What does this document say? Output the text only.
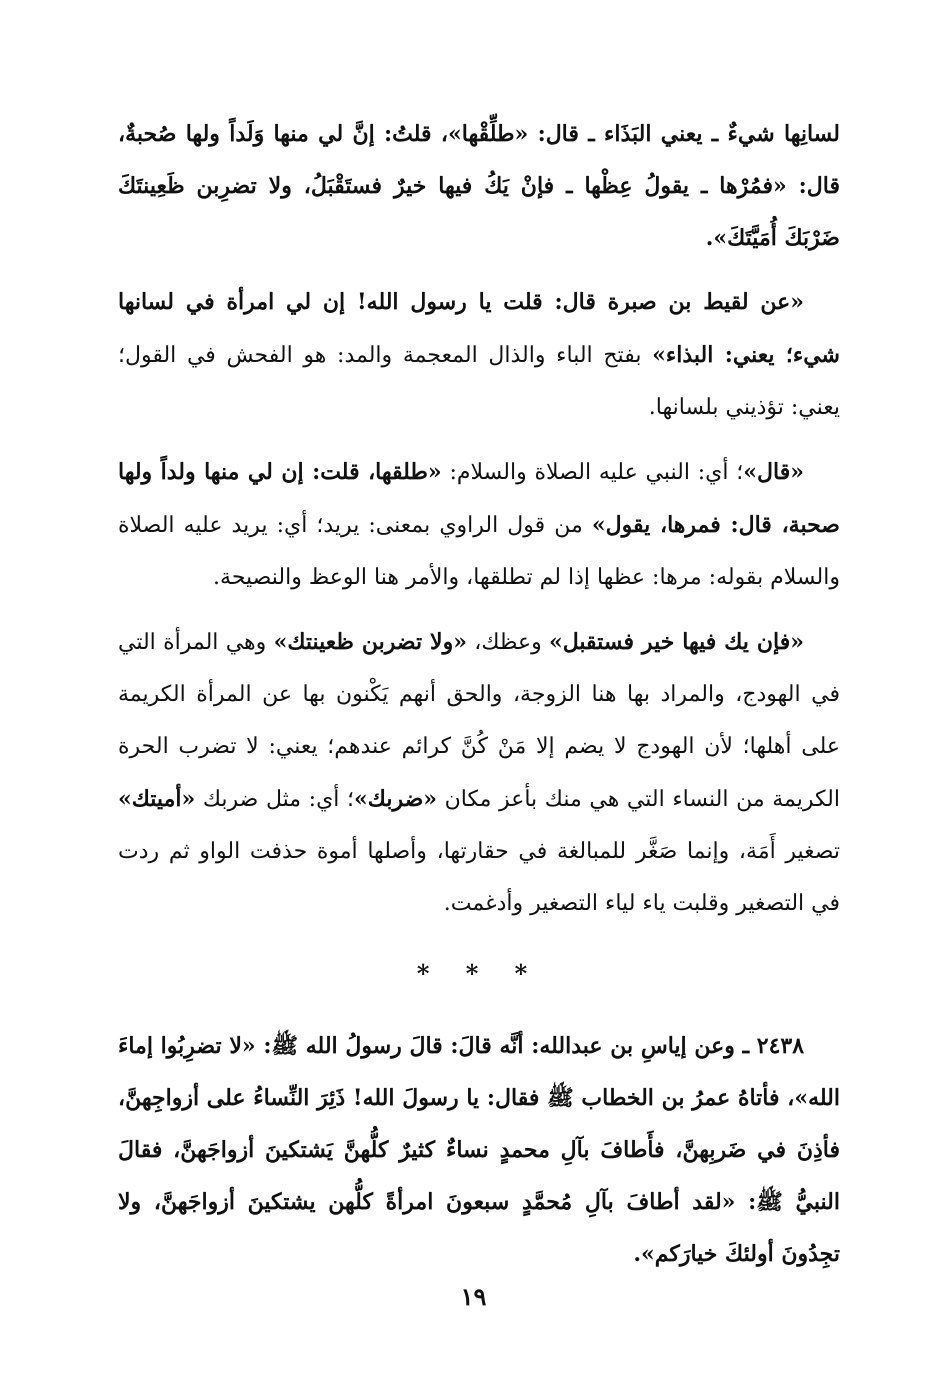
لسانِها شيءٌ ـ يعني البَذَاء ـ قال: «طلِّقْها»، قلتُ: إنَّ لي منها وَلَداً ولها صُحبةٌ، قال: «فمُرْها ـ يقولُ عِظْها ـ فإنْ يَكُ فيها خيرٌ فستَقْبَلُ، ولا تضرِبن ظَعِينتَكَ ضَرْبَكَ أُمَيَّتَكَ».

«عن لقيط بن صبرة قال: قلت يا رسول الله! إن لي امرأة في لسانها شيء؛ يعني: البذاء» بفتح الباء والذال المعجمة والمد: هو الفحش في القول؛ يعني: تؤذيني بلسانها.

«قال»؛ أي: النبي عليه الصلاة والسلام: «طلقها، قلت: إن لي منها ولداً ولها صحبة، قال: فمرها، يقول» من قول الراوي بمعنى: يريد؛ أي: يريد عليه الصلاة والسلام بقوله: مرها: عظها إذا لم تطلقها، والأمر هنا الوعظ والنصيحة.

«فإن يك فيها خير فستقبل» وعظك، «ولا تضربن ظعينتك» وهي المرأة التي في الهودج، والمراد بها هنا الزوجة، والحق أنهم يَكْنون بها عن المرأة الكريمة على أهلها؛ لأن الهودج لا يضم إلا مَنْ كُنَّ كرائم عندهم؛ يعني: لا تضرب الحرة الكريمة من النساء التي هي منك بأعز مكان «ضربك»؛ أي: مثل ضربك «أميتك» تصغير أَمَة، وإنما صَغَّر للمبالغة في حقارتها، وأصلها أموة حذفت الواو ثم ردت في التصغير وقلبت ياء لياء التصغير وأدغمت.

* * *

٢٤٣٨ ـ وعن إياسِ بن عبدالله: أنَّه قالَ: قالَ رسولُ الله ﷺ: «لا تضرِبُوا إماءَ الله»، فأتاهُ عمرُ بن الخطاب ﷺ فقال: يا رسولَ الله! ذَئِرَ النِّساءُ على أزواجِهنَّ، فأذِنَ في ضَربِهنَّ، فأَطافَ بآلِ محمدٍ نساءٌ كثيرٌ كلُّهنَّ يَشتكينَ أزواجَهنَّ، فقالَ النبيُّ ﷺ: «لقد أطافَ بآلِ مُحمَّدٍ سبعونَ امرأةً كلُّهن يشتكينَ أزواجَهنَّ، ولا تجِدُونَ أولئكَ خيارَكم».

١٩
